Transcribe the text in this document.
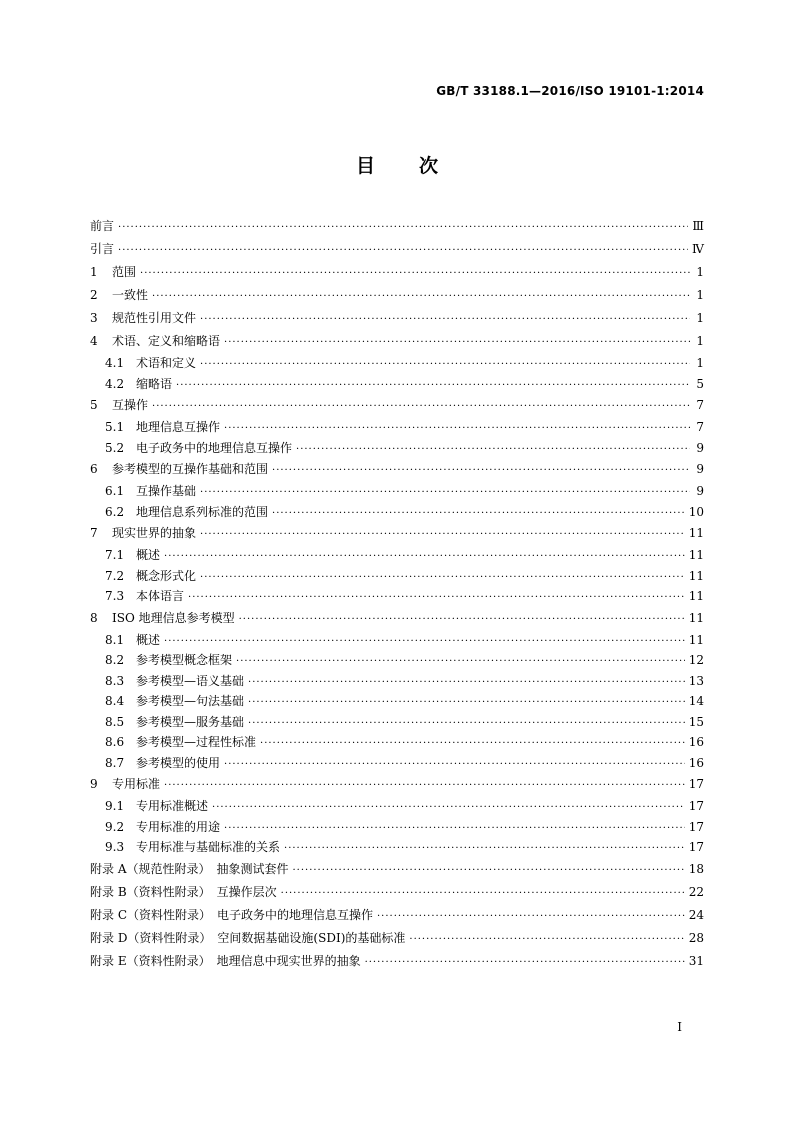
GB/T 33188.1—2016/ISO 19101-1:2014
目 次
前言 ·····	Ⅲ
引言 ·····	Ⅳ
1	范围 ·····	1
2	一致性 ·····	1
3	规范性引用文件 ·····	1
4	术语、定义和缩略语 ·····	1
4.1 术语和定义 ·····	1
4.2 缩略语 ·····	5
5	互操作 ·····	7
5.1 地理信息互操作 ·····	7
5.2 电子政务中的地理信息互操作 ·····	9
6	参考模型的互操作基础和范围 ·····	9
6.1 互操作基础 ·····	9
6.2 地理信息系列标准的范围 ·····	10
7	现实世界的抽象 ·····	11
7.1 概述 ·····	11
7.2 概念形式化 ·····	11
7.3 本体语言 ·····	11
8	ISO 地理信息参考模型 ·····	11
8.1 概述 ·····	11
8.2 参考模型概念框架 ·····	12
8.3 参考模型—语义基础 ·····	13
8.4 参考模型—句法基础 ·····	14
8.5 参考模型—服务基础 ·····	15
8.6 参考模型—过程性标准 ·····	16
8.7 参考模型的使用 ·····	16
9	专用标准 ·····	17
9.1 专用标准概述 ·····	17
9.2 专用标准的用途 ·····	17
9.3 专用标准与基础标准的关系 ·····	17
附录 A（规范性附录）　抽象测试套件 ·····	18
附录 B（资料性附录）　互操作层次 ·····	22
附录 C（资料性附录）　电子政务中的地理信息互操作 ·····	24
附录 D（资料性附录）　空间数据基础设施(SDI)的基础标准 ·····	28
附录 E（资料性附录）　地理信息中现实世界的抽象 ·····	31
I
